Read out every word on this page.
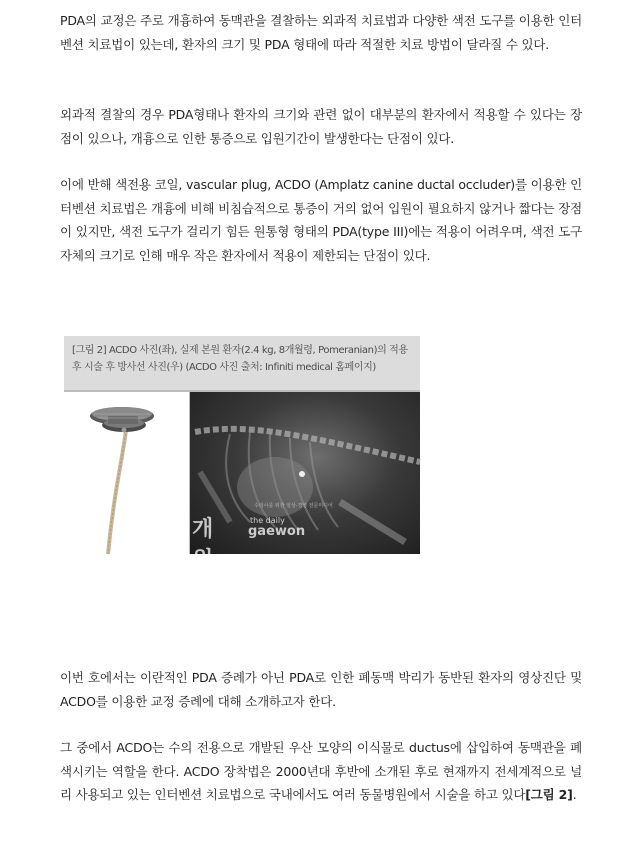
PDA의 교정은 주로 개흉하여 동맥관을 결찰하는 외과적 치료법과 다양한 색전 도구를 이용한 인터벤션 치료법이 있는데, 환자의 크기 및 PDA 형태에 따라 적절한 치료 방법이 달라질 수 있다.
외과적 결찰의 경우 PDA형태나 환자의 크기와 관련 없이 대부분의 환자에서 적용할 수 있다는 장점이 있으나, 개흉으로 인한 통증으로 입원기간이 발생한다는 단점이 있다.
이에 반해 색전용 코일, vascular plug, ACDO (Amplatz canine ductal occluder)를 이용한 인터벤션 치료법은 개흉에 비해 비침습적으로 통증이 거의 없어 입원이 필요하지 않거나 짧다는 장점이 있지만, 색전 도구가 걸리기 힘든 원통형 형태의 PDA(type III)에는 적용이 어려우며, 색전 도구 자체의 크기로 인해 매우 작은 환자에서 적용이 제한되는 단점이 있다.
[그림 2] ACDO 사진(좌), 실제 본원 환자(2.4 kg, 8개월령, Pomeranian)의 적용 후 시술 후 방사선 사진(우) (ACDO 사진 출처: Infiniti medical 홈페이지)
수의사를 위한 임상·경영 전문미디어
개원
the daily
gaewon
이번 호에서는 이란적인 PDA 증례가 아닌 PDA로 인한 폐동맥 박리가 동반된 환자의 영상진단 및 ACDO를 이용한 교정 증례에 대해 소개하고자 한다.
그 중에서 ACDO는 수의 전용으로 개발된 우산 모양의 이식물로 ductus에 삽입하여 동맥관을 폐색시키는 역할을 한다. ACDO 장착법은 2000년대 후반에 소개된 후로 현재까지 전세계적으로 널리 사용되고 있는 인터벤션 치료법으로 국내에서도 여러 동물병원에서 시술을 하고 있다[그림 2].
